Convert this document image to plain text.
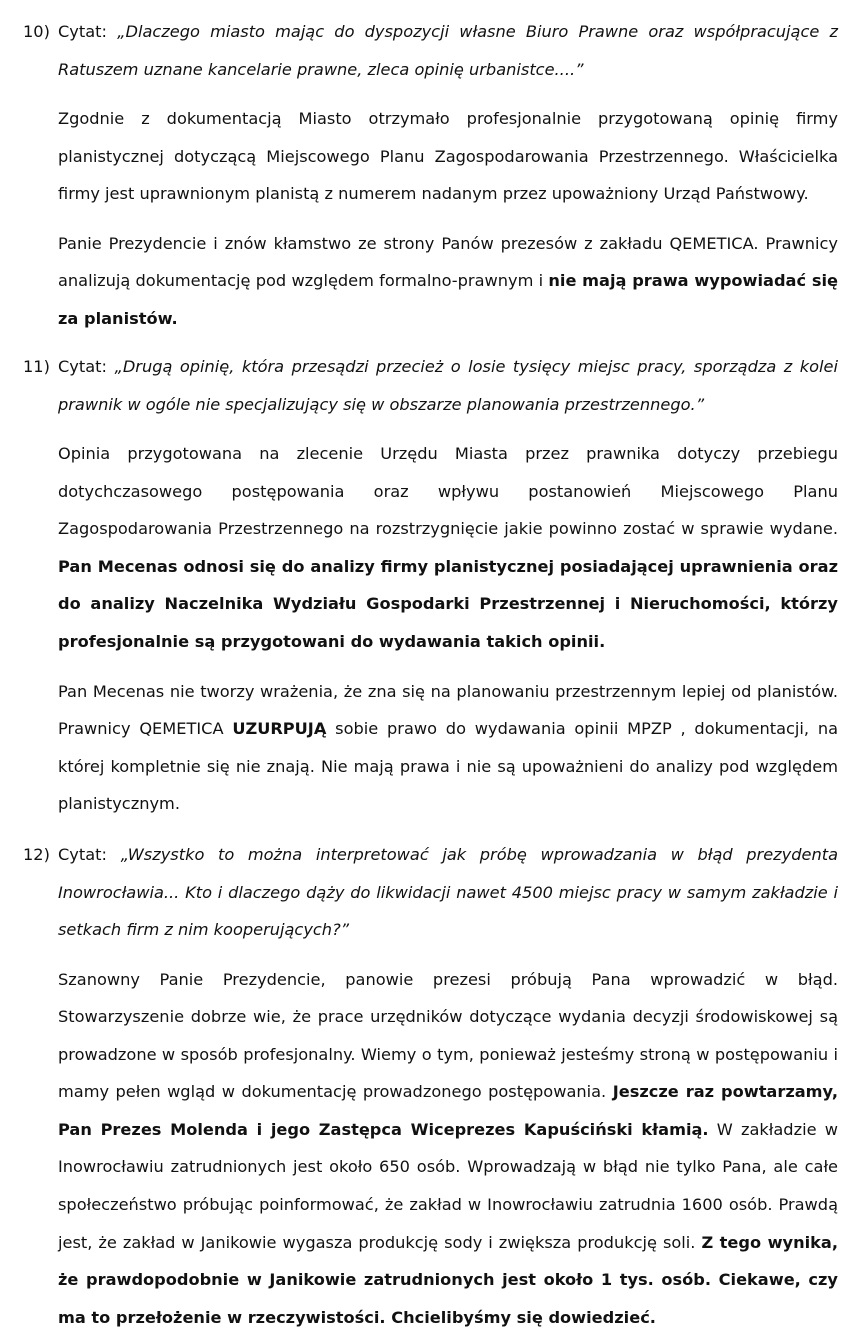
10) Cytat: „Dlaczego miasto mając do dyspozycji własne Biuro Prawne oraz współpracujące z Ratuszem uznane kancelarie prawne, zleca opinię urbanistce....”

Zgodnie z dokumentacją Miasto otrzymało profesjonalnie przygotowaną opinię firmy planistycznej dotyczącą Miejscowego Planu Zagospodarowania Przestrzennego. Właścicielka firmy jest uprawnionym planistą z numerem nadanym przez upoważniony Urząd Państwowy.

Panie Prezydencie i znów kłamstwo ze strony Panów prezesów z zakładu QEMETICA. Prawnicy analizują dokumentację pod względem formalno-prawnym i nie mają prawa wypowiadać się za planistów.

11) Cytat: „Drugą opinię, która przesądzi przecież o losie tysięcy miejsc pracy, sporządza z kolei prawnik w ogóle nie specjalizujący się w obszarze planowania przestrzennego.”

Opinia przygotowana na zlecenie Urzędu Miasta przez prawnika dotyczy przebiegu dotychczasowego postępowania oraz wpływu postanowień Miejscowego Planu Zagospodarowania Przestrzennego na rozstrzygnięcie jakie powinno zostać w sprawie wydane. Pan Mecenas odnosi się do analizy firmy planistycznej posiadającej uprawnienia oraz do analizy Naczelnika Wydziału Gospodarki Przestrzennej i Nieruchomości, którzy profesjonalnie są przygotowani do wydawania takich opinii.

Pan Mecenas nie tworzy wrażenia, że zna się na planowaniu przestrzennym lepiej od planistów. Prawnicy QEMETICA UZURPUJĄ sobie prawo do wydawania opinii MPZP , dokumentacji, na której kompletnie się nie znają. Nie mają prawa i nie są upoważnieni do analizy pod względem planistycznym.

12) Cytat: „Wszystko to można interpretować jak próbę wprowadzania w błąd prezydenta Inowrocławia... Kto i dlaczego dąży do likwidacji nawet 4500 miejsc pracy w samym zakładzie i setkach firm z nim kooperujących?”

Szanowny Panie Prezydencie, panowie prezesi próbują Pana wprowadzić w błąd. Stowarzyszenie dobrze wie, że prace urzędników dotyczące wydania decyzji środowiskowej są prowadzone w sposób profesjonalny. Wiemy o tym, ponieważ jesteśmy stroną w postępowaniu i mamy pełen wgląd w dokumentację prowadzonego postępowania. Jeszcze raz powtarzamy, Pan Prezes Molenda i jego Zastępca Wiceprezes Kapuściński kłamią. W zakładzie w Inowrocławiu zatrudnionych jest około 650 osób. Wprowadzają w błąd nie tylko Pana, ale całe społeczeństwo próbując poinformować, że zakład w Inowrocławiu zatrudnia 1600 osób. Prawdą jest, że zakład w Janikowie wygasza produkcję sody i zwiększa produkcję soli. Z tego wynika, że prawdopodobnie w Janikowie zatrudnionych jest około 1 tys. osób. Ciekawe, czy ma to przełożenie w rzeczywistości. Chcielibyśmy się dowiedzieć.
